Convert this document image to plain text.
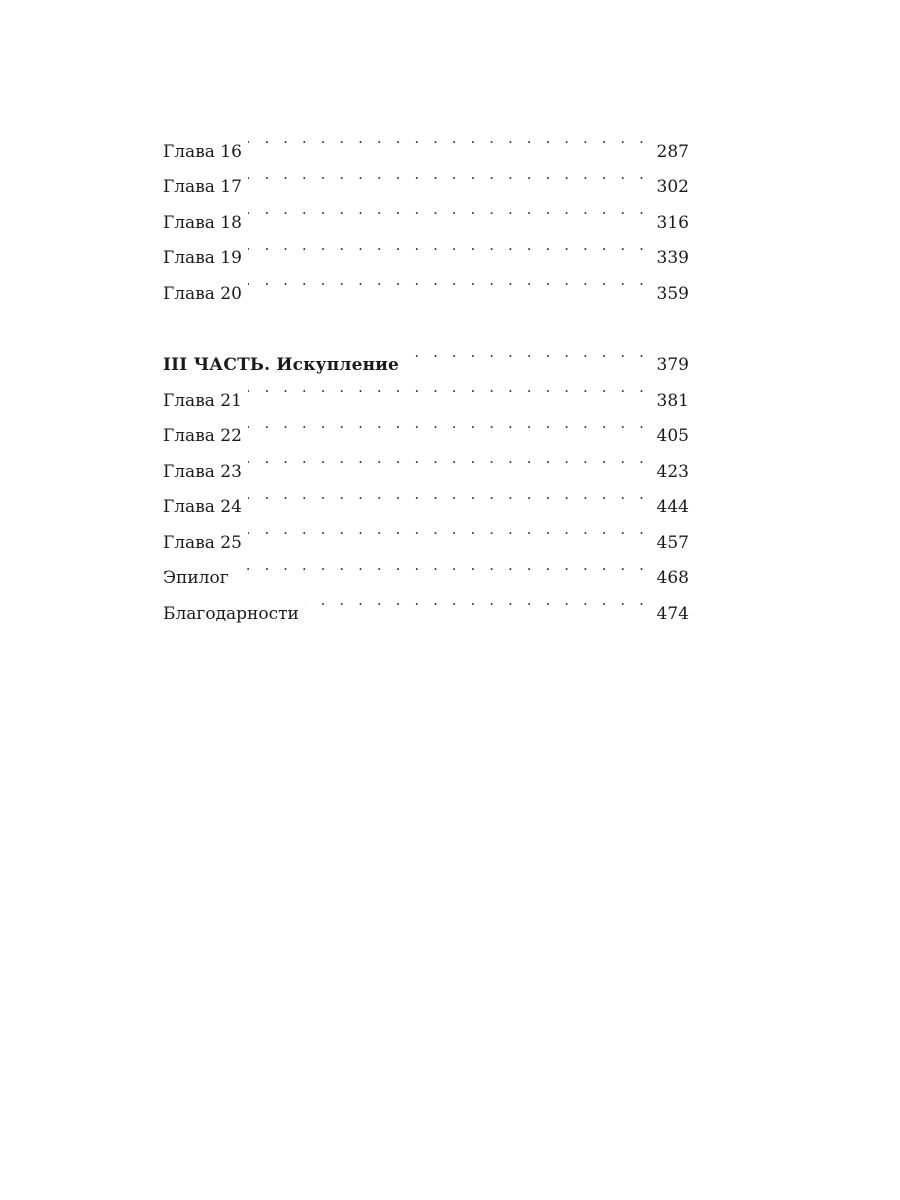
Глава 16 . . .	287
Глава 17 . . .	302
Глава 18 . . .	316
Глава 19 . . .	339
Глава 20 . . .	359
III ЧАСТЬ. Искупление . . .	379
Глава 21 . . .	381
Глава 22 . . .	405
Глава 23 . . .	423
Глава 24 . . .	444
Глава 25 . . .	457
Эпилог . . .	468
Благодарности . . .	474
